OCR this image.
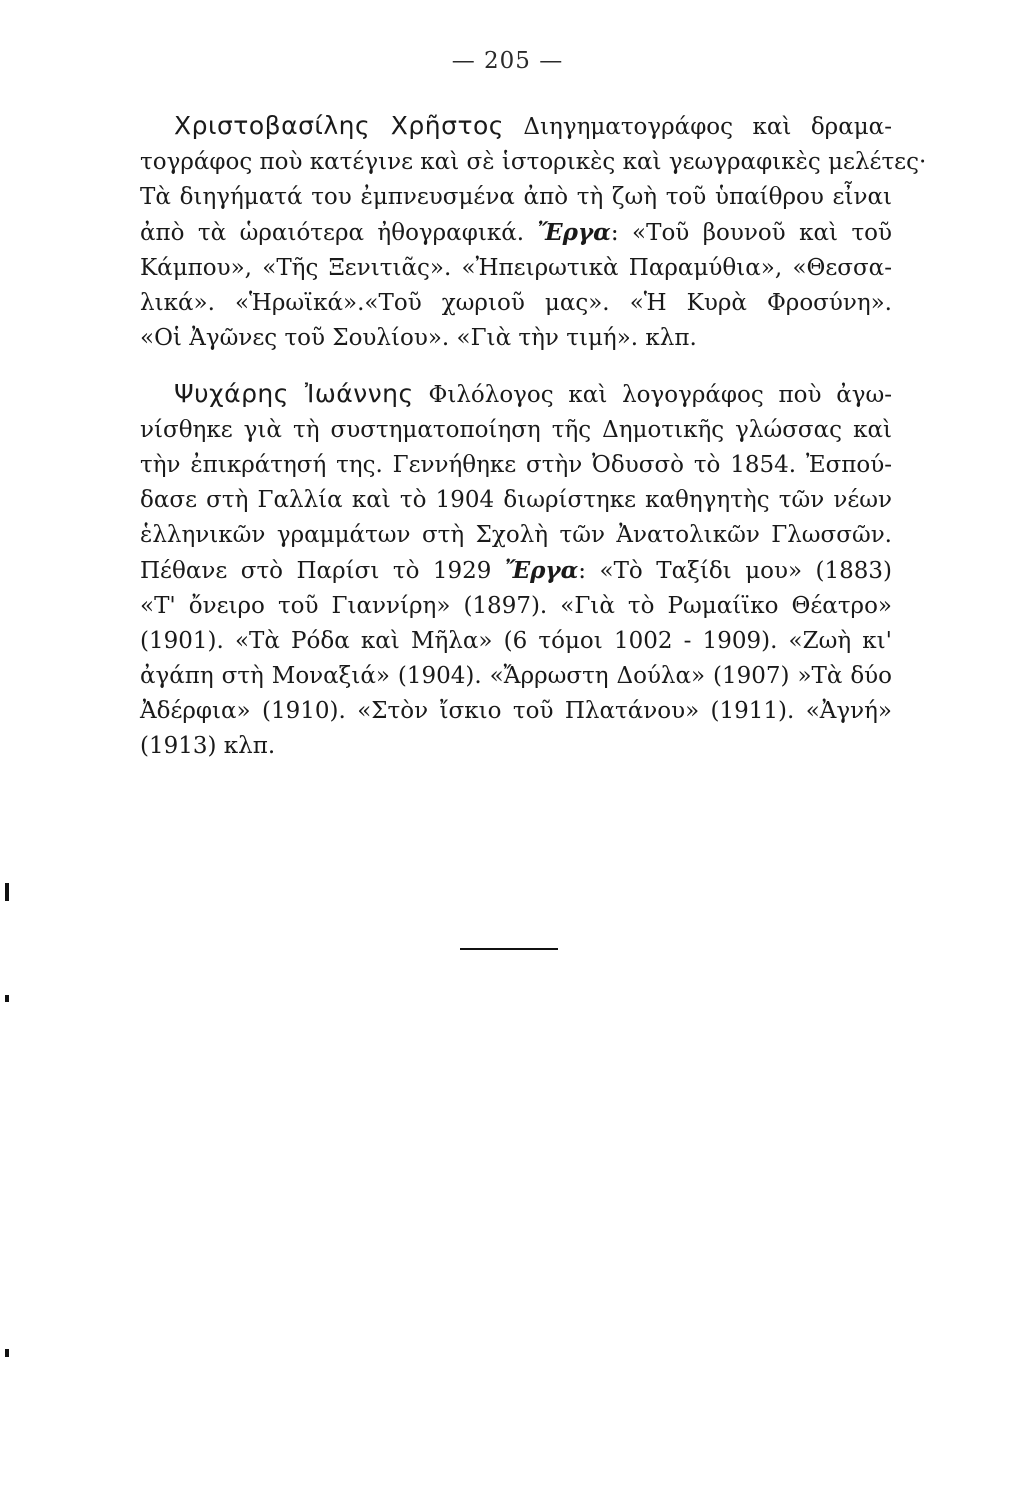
— 205 —
Χριστοβασίλης Χρῆστος Διηγηματογράφος καὶ δραμα-
τογράφος ποὺ κατέγινε καὶ σὲ ἱστορικὲς καὶ γεωγραφικὲς μελέτες·
Τὰ διηγήματά του ἐμπνευσμένα ἀπὸ τὴ ζωὴ τοῦ ὑπαίθρου εἶναι
ἀπὸ τὰ ὡραιότερα ἠθογραφικά. Ἔργα: «Τοῦ βουνοῦ καὶ τοῦ
Κάμπου», «Τῆς Ξενιτιᾶς». «Ἠπειρωτικὰ Παραμύθια», «Θεσσα-
λικά». «Ἡρωϊκά».«Τοῦ χωριοῦ μας». «Ἡ Κυρὰ Φροσύνη».
«Οἱ Ἀγῶνες τοῦ Σουλίου». «Γιὰ τὴν τιμή». κλπ.
Ψυχάρης Ἰωάννης Φιλόλογος καὶ λογογράφος ποὺ ἀγω-
νίσθηκε γιὰ τὴ συστηματοποίηση τῆς Δημοτικῆς γλώσσας καὶ
τὴν ἐπικράτησή της. Γεννήθηκε στὴν Ὀδυσσὸ τὸ 1854. Ἐσπού-
δασε στὴ Γαλλία καὶ τὸ 1904 διωρίστηκε καθηγητὴς τῶν νέων
ἑλληνικῶν γραμμάτων στὴ Σχολὴ τῶν Ἀνατολικῶν Γλωσσῶν.
Πέθανε στὸ Παρίσι τὸ 1929 Ἔργα: «Τὸ Ταξίδι μου» (1883)
«Τ' ὄνειρο τοῦ Γιαννίρη» (1897). «Γιὰ τὸ Ρωμαίϊκο Θέατρο»
(1901). «Τὰ Ρόδα καὶ Μῆλα» (6 τόμοι 1002 - 1909). «Ζωὴ κι'
ἀγάπη στὴ Μοναξιά» (1904). «Ἄρρωστη Δούλα» (1907) »Τὰ δύο
Ἀδέρφια» (1910). «Στὸν ἴσκιο τοῦ Πλατάνου» (1911). «Ἀγνή»
(1913) κλπ.
